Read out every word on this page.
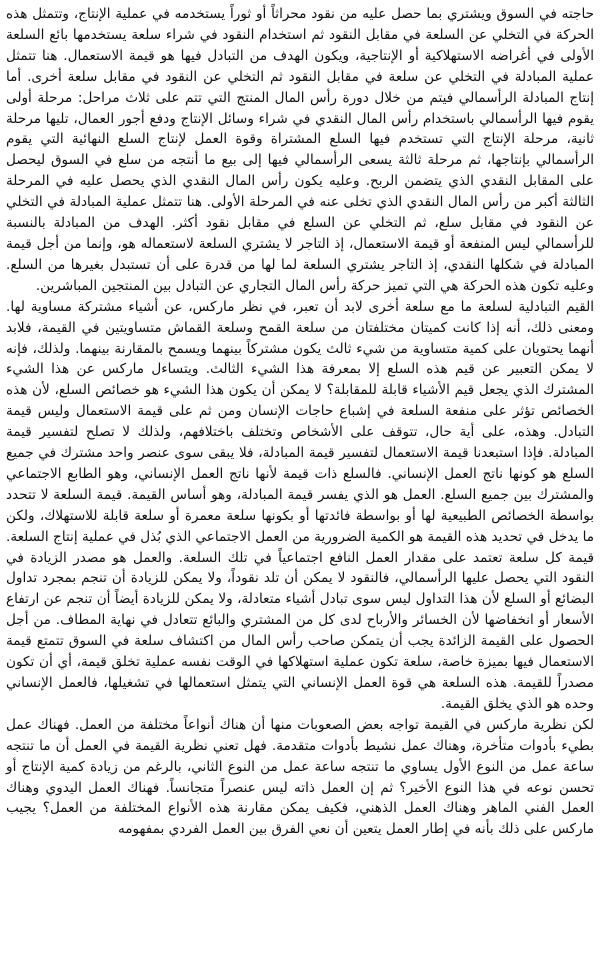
حاجته في السوق ويشتري بما حصل عليه من نقود محراثاً أو ثوراً يستخدمه في عملية الإنتاج، وتتمثل هذه الحركة في التخلي عن السلعة في مقابل النقود ثم استخدام النقود في شراء سلعة يستخدمها بائع السلعة الأولى في أغراضه الاستهلاكية أو الإنتاجية، ويكون الهدف من التبادل فيها هو قيمة الاستعمال. هنا تتمثل عملية المبادلة في التخلي عن سلعة في مقابل النقود ثم التخلي عن النقود في مقابل سلعة أخرى. أما إنتاج المبادلة الرأسمالي فيتم من خلال دورة رأس المال المنتج التي تتم على ثلاث مراحل: مرحلة أولى يقوم فيها الرأسمالي باستخدام رأس المال النقدي في شراء وسائل الإنتاج ودفع أجور العمال، تليها مرحلة ثانية، مرحلة الإنتاج التي تستخدم فيها السلع المشتراة وقوة العمل لإنتاج السلع النهائية التي يقوم الرأسمالي بإنتاجها، ثم مرحلة ثالثة يسعى الرأسمالي فيها إلى بيع ما أنتجه من سلع في السوق ليحصل على المقابل النقدي الذي يتضمن الربح. وعليه يكون رأس المال النقدي الذي يحصل عليه في المرحلة الثالثة أكبر من رأس المال النقدي الذي تخلى عنه في المرحلة الأولى. هنا تتمثل عملية المبادلة في التخلي عن النقود في مقابل سلع، ثم التخلي عن السلع في مقابل نقود أكثر. الهدف من المبادلة بالنسبة للرأسمالي ليس المنفعة أو قيمة الاستعمال، إذ التاجر لا يشتري السلعة لاستعماله هو، وإنما من أجل قيمة المبادلة في شكلها النقدي، إذ التاجر يشتري السلعة لما لها من قدرة على أن تستبدل بغيرها من السلع. وعليه تكون هذه الحركة هي التي تميز حركة رأس المال التجاري عن التبادل بين المنتجين المباشرين.

القيم التبادلية لسلعة ما مع سلعة أخرى لابد أن تعبر، في نظر ماركس، عن أشياء مشتركة مساوية لها. ومعنى ذلك، أنه إذا كانت كميتان مختلفتان من سلعة القمح وسلعة القماش متساويتين في القيمة، فلابد أنهما يحتويان على كمية متساوية من شيء ثالث يكون مشتركاً بينهما ويسمح بالمقارنة بينهما. ولذلك، فإنه لا يمكن التعبير عن قيم هذه السلع إلا بمعرفة هذا الشيء الثالث. ويتساءل ماركس عن هذا الشيء المشترك الذي يجعل قيم الأشياء قابلة للمقابلة؟ لا يمكن أن يكون هذا الشيء هو خصائص السلع، لأن هذه الخصائص تؤثر على منفعة السلعة في إشباع حاجات الإنسان ومن ثم على قيمة الاستعمال وليس قيمة التبادل. وهذه، على أية حال، تتوقف على الأشخاص وتختلف باختلافهم، ولذلك لا تصلح لتفسير قيمة المبادلة. فإذا استبعدنا قيمة الاستعمال لتفسير قيمة المبادلة، فلا يبقى سوى عنصر واحد مشترك في جميع السلع هو كونها ناتج العمل الإنساني. فالسلع ذات قيمة لأنها ناتج العمل الإنساني، وهو الطابع الاجتماعي والمشترك بين جميع السلع. العمل هو الذي يفسر قيمة المبادلة، وهو أساس القيمة. قيمة السلعة لا تتحدد بواسطة الخصائص الطبيعية لها أو بواسطة فائدتها أو بكونها سلعة معمرة أو سلعة قابلة للاستهلاك، ولكن ما يدخل في تحديد هذه القيمة هو الكمية الضرورية من العمل الاجتماعي الذي بُذل في عملية إنتاج السلعة. قيمة كل سلعة تعتمد على مقدار العمل النافع اجتماعياً في تلك السلعة. والعمل هو مصدر الزيادة في النقود التي يحصل عليها الرأسمالي، فالنقود لا يمكن أن تلد نقوداً، ولا يمكن للزيادة أن تنجم بمجرد تداول البضائع أو السلع لأن هذا التداول ليس سوى تبادل أشياء متعادلة، ولا يمكن للزيادة أيضاً أن تنجم عن ارتفاع الأسعار أو انخفاضها لأن الخسائر والأرباح لدى كل من المشتري والبائع تتعادل في نهاية المطاف. من أجل الحصول على القيمة الزائدة يجب أن يتمكن صاحب رأس المال من اكتشاف سلعة في السوق تتمتع قيمة الاستعمال فيها بميزة خاصة، سلعة تكون عملية استهلاكها في الوقت نفسه عملية تخلق قيمة، أي أن تكون مصدراً للقيمة. هذه السلعة هي قوة العمل الإنساني التي يتمثل استعمالها في تشغيلها، فالعمل الإنساني وحده هو الذي يخلق القيمة.

لكن نظرية ماركس في القيمة تواجه بعض الصعوبات منها أن هناك أنواعاً مختلفة من العمل. فهناك عمل بطيء بأدوات متأخرة، وهناك عمل نشيط بأدوات متقدمة. فهل تعني نظرية القيمة في العمل أن ما تنتجه ساعة عمل من النوع الأول يساوي ما تنتجه ساعة عمل من النوع الثاني، بالرغم من زيادة كمية الإنتاج أو تحسن نوعه في هذا النوع الأخير؟ ثم إن العمل ذاته ليس عنصراً متجانساً. فهناك العمل اليدوي وهناك العمل الفني الماهر وهناك العمل الذهني، فكيف يمكن مقارنة هذه الأنواع المختلفة من العمل؟ يجيب ماركس على ذلك بأنه في إطار العمل يتعين أن نعي الفرق بين العمل الفردي بمفهومه
